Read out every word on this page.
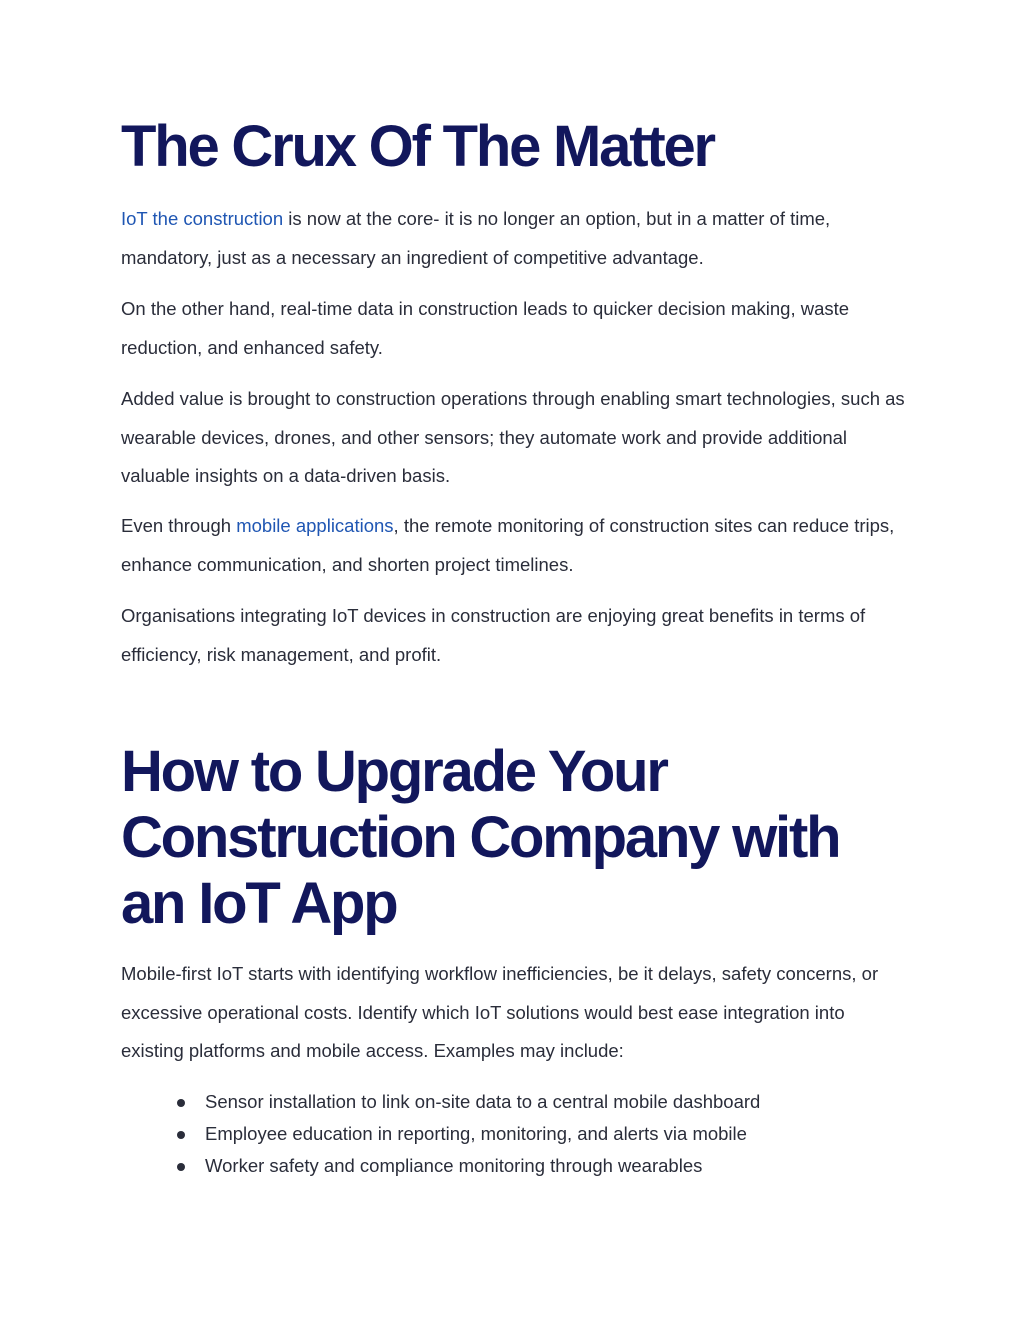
The Crux Of The Matter

IoT the construction is now at the core- it is no longer an option, but in a matter of time, mandatory, just as a necessary an ingredient of competitive advantage.

On the other hand, real-time data in construction leads to quicker decision making, waste reduction, and enhanced safety.

Added value is brought to construction operations through enabling smart technologies, such as wearable devices, drones, and other sensors; they automate work and provide additional valuable insights on a data-driven basis.

Even through mobile applications, the remote monitoring of construction sites can reduce trips, enhance communication, and shorten project timelines.

Organisations integrating IoT devices in construction are enjoying great benefits in terms of efficiency, risk management, and profit.

How to Upgrade Your Construction Company with an IoT App

Mobile-first IoT starts with identifying workflow inefficiencies, be it delays, safety concerns, or excessive operational costs. Identify which IoT solutions would best ease integration into existing platforms and mobile access. Examples may include:

Sensor installation to link on-site data to a central mobile dashboard
Employee education in reporting, monitoring, and alerts via mobile
Worker safety and compliance monitoring through wearables
